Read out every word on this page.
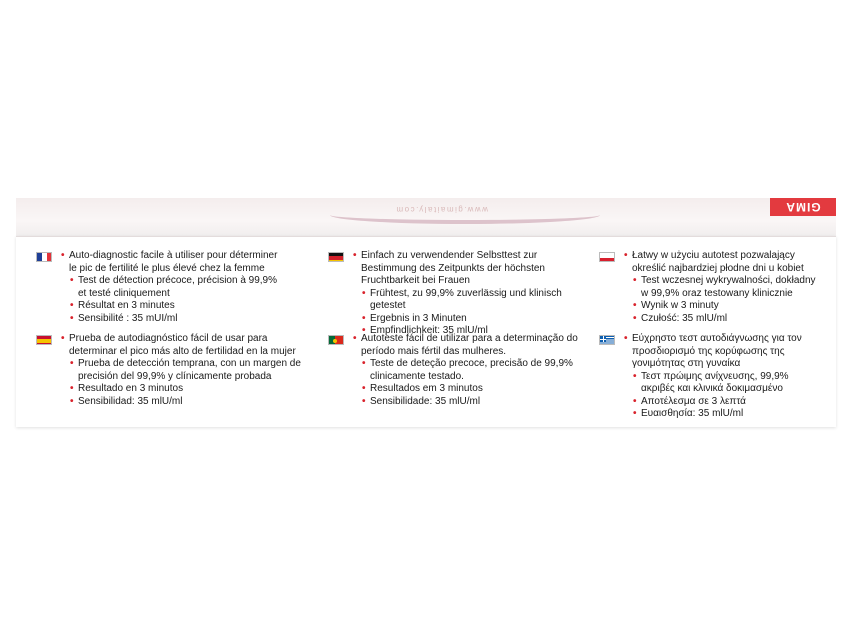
www.gimaitaly.com	GIMA
• Auto-diagnostic facile à utiliser pour déterminer le pic de fertilité le plus élevé chez la femme
• Test de détection précoce, précision à 99,9% et testé cliniquement
• Résultat en 3 minutes
• Sensibilité : 35 mUI/ml
• Einfach zu verwendender Selbsttest zur Bestimmung des Zeitpunkts der höchsten Fruchtbarkeit bei Frauen
• Frühtest, zu 99,9% zuverlässig und klinisch getestet
• Ergebnis in 3 Minuten
• Empfindlichkeit: 35 mlU/ml
• Łatwy w użyciu autotest pozwalający określić najbardziej płodne dni u kobiet
• Test wczesnej wykrywalności, dokładny w 99,9% oraz testowany klinicznie
• Wynik w 3 minuty
• Czułość: 35 mlU/ml
• Prueba de autodiagnóstico fácil de usar para determinar el pico más alto de fertilidad en la mujer
• Prueba de detección temprana, con un margen de precisión del 99,9% y clínicamente probada
• Resultado en 3 minutos
• Sensibilidad: 35 mlU/ml
• Autoteste fácil de utilizar para a determinação do período mais fértil das mulheres.
• Teste de deteção precoce, precisão de 99,9% clinicamente testado.
• Resultados em 3 minutos
• Sensibilidade: 35 mlU/ml
• Εύχρηστο τεστ αυτοδιάγνωσης για τον προσδιορισμό της κορύφωσης της γονιμότητας στη γυναίκα
• Τεστ πρώιμης ανίχνευσης, 99,9% ακριβές και κλινικά δοκιμασμένο
• Αποτέλεσμα σε 3 λεπτά
• Ευαισθησία: 35 mlU/ml
